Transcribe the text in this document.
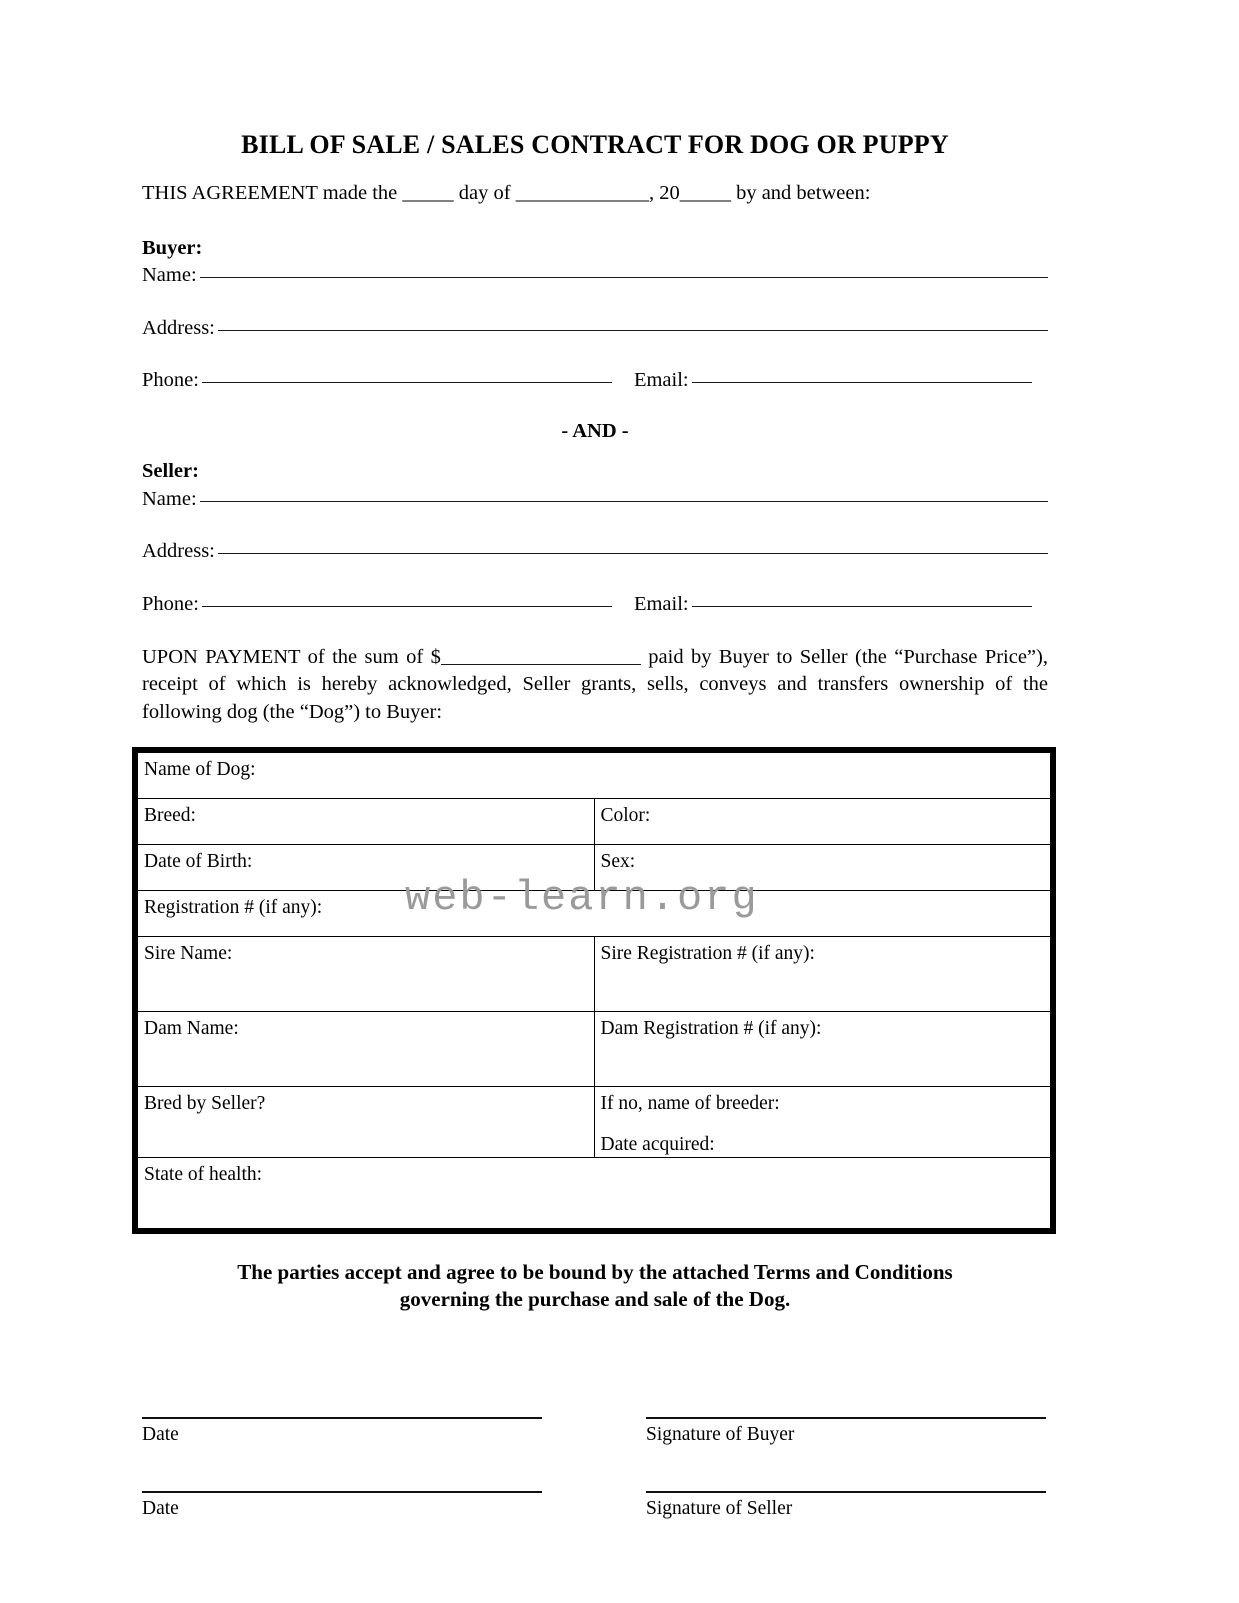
BILL OF SALE / SALES CONTRACT FOR DOG OR PUPPY

THIS AGREEMENT made the _____ day of _____________, 20_____ by and between:

Buyer:
Name:
Address:
Phone:	Email:
- AND -
Seller:
Name:
Address:
Phone:	Email:

UPON PAYMENT of the sum of $	paid by Buyer to Seller (the “Purchase Price”), receipt of which is hereby acknowledged, Seller grants, sells, conveys and transfers ownership of the following dog (the “Dog”) to Buyer:

web-learn.org
Name of Dog:	
Breed:	Color:
Date of Birth:	Sex:
Registration # (if any):	
Sire Name:	Sire Registration # (if any):
Dam Name:	Dam Registration # (if any):
Bred by Seller?	If no, name of breeder:
Date acquired:

State of health:	
The parties accept and agree to be bound by the attached Terms and Conditions
governing the purchase and sale of the Dog.
Date	Signature of Buyer
Date	Signature of Seller
